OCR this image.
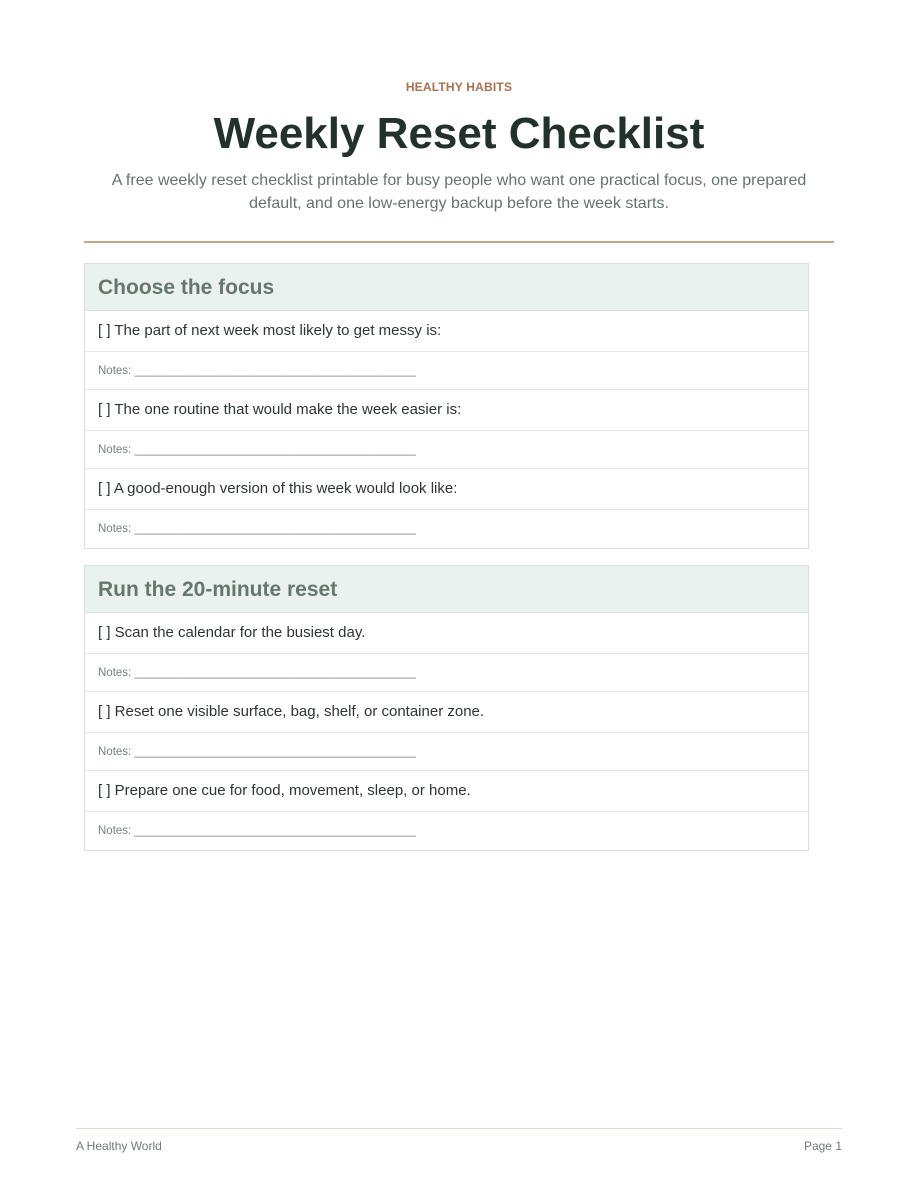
HEALTHY HABITS
Weekly Reset Checklist
A free weekly reset checklist printable for busy people who want one practical focus, one prepared default, and one low-energy backup before the week starts.
Choose the focus
[ ] The part of next week most likely to get messy is:
Notes: ____________________________________________
[ ] The one routine that would make the week easier is:
Notes: ____________________________________________
[ ] A good-enough version of this week would look like:
Notes: ____________________________________________
Run the 20-minute reset
[ ] Scan the calendar for the busiest day.
Notes: ____________________________________________
[ ] Reset one visible surface, bag, shelf, or container zone.
Notes: ____________________________________________
[ ] Prepare one cue for food, movement, sleep, or home.
Notes: ____________________________________________
A Healthy World	Page 1
